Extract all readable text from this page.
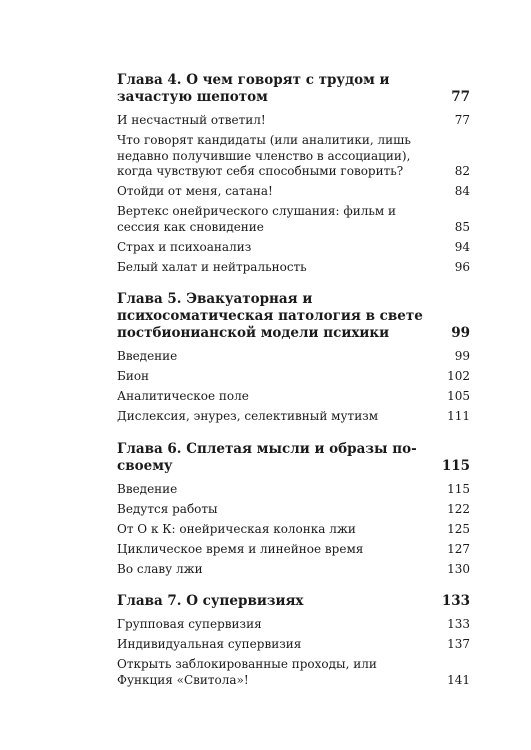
Глава 4. О чем говорят с трудом и зачастую шепотом	77
И несчастный ответил!	77
Что говорят кандидаты (или аналитики, лишь недавно получившие членство в ассоциации), когда чувствуют себя способными говорить?	82
Отойди от меня, сатана!	84
Вертекс онейрического слушания: фильм и сессия как сновидение	85
Страх и психоанализ	94
Белый халат и нейтральность	96
Глава 5. Эвакуаторная и психосоматическая патология в свете постбионианской модели психики	99
Введение	99
Бион	102
Аналитическое поле	105
Дислексия, энурез, селективный мутизм	111
Глава 6. Сплетая мысли и образы по-своему	115
Введение	115
Ведутся работы	122
От О к К: онейрическая колонка лжи	125
Циклическое время и линейное время	127
Во славу лжи	130
Глава 7. О супервизиях	133
Групповая супервизия	133
Индивидуальная супервизия	137
Открыть заблокированные проходы, или Функция «Свитола»!	141
